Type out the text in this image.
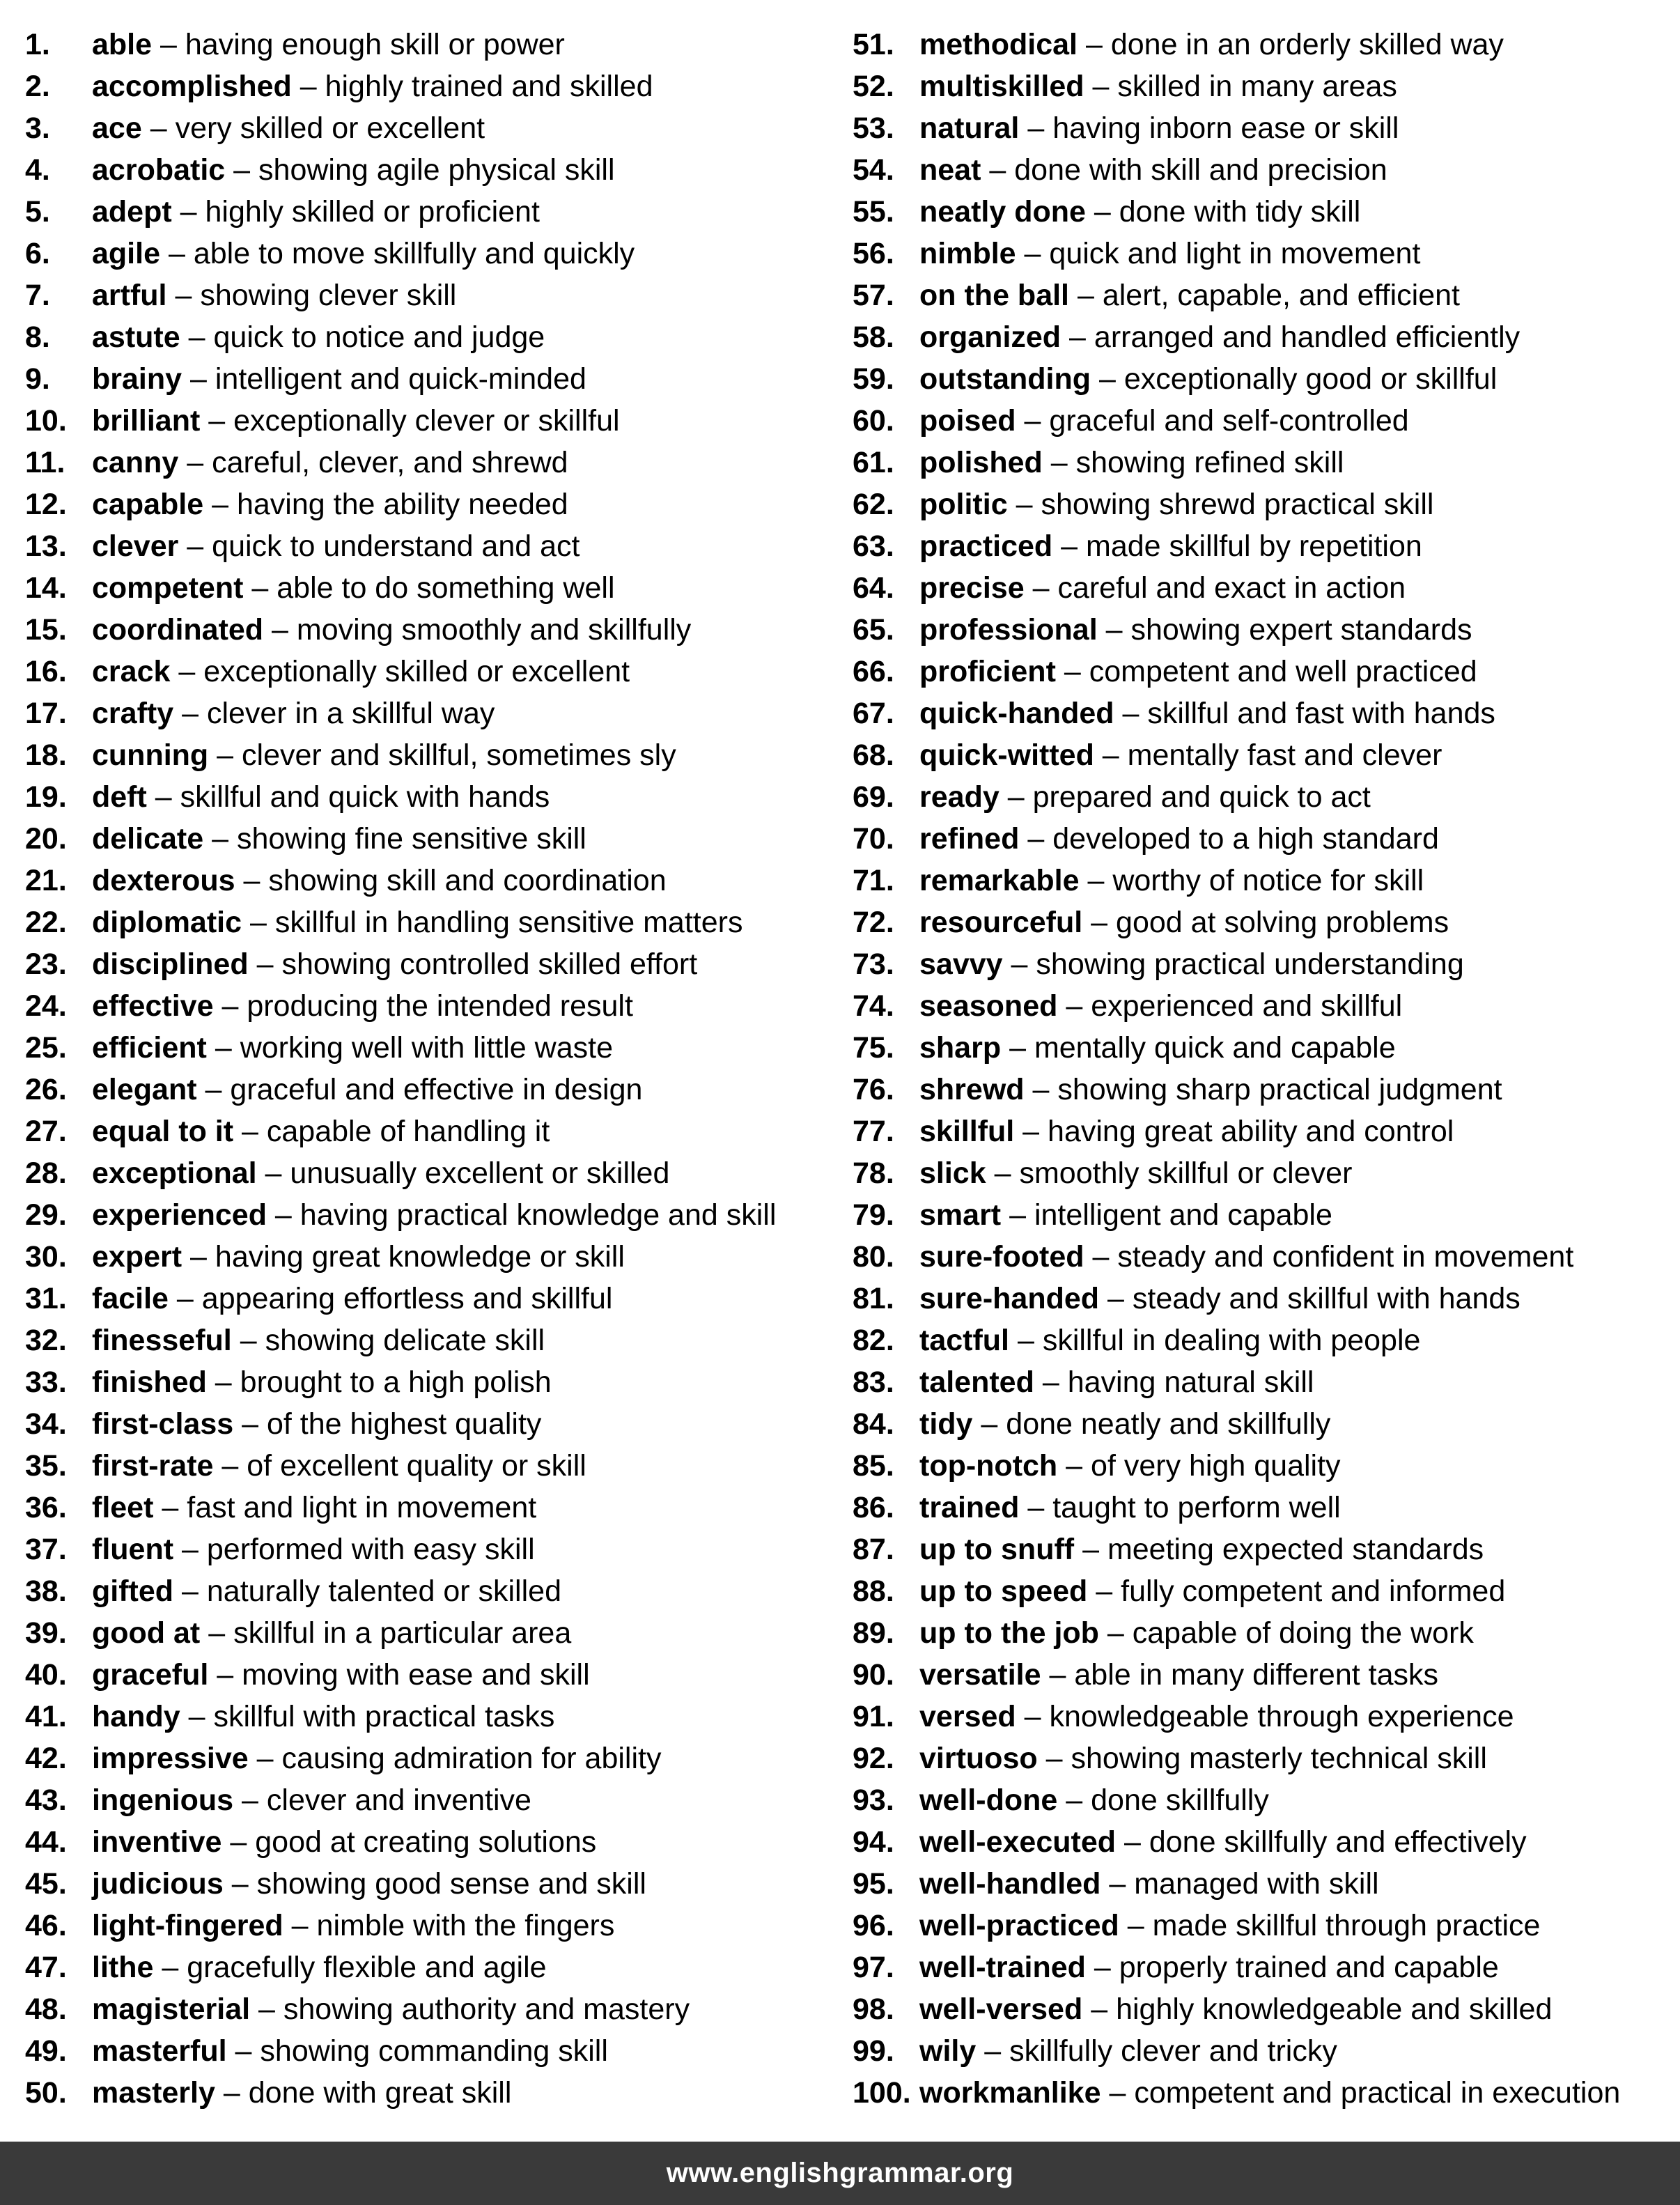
1. able – having enough skill or power
2. accomplished – highly trained and skilled
3. ace – very skilled or excellent
4. acrobatic – showing agile physical skill
5. adept – highly skilled or proficient
6. agile – able to move skillfully and quickly
7. artful – showing clever skill
8. astute – quick to notice and judge
9. brainy – intelligent and quick-minded
10. brilliant – exceptionally clever or skillful
11. canny – careful, clever, and shrewd
12. capable – having the ability needed
13. clever – quick to understand and act
14. competent – able to do something well
15. coordinated – moving smoothly and skillfully
16. crack – exceptionally skilled or excellent
17. crafty – clever in a skillful way
18. cunning – clever and skillful, sometimes sly
19. deft – skillful and quick with hands
20. delicate – showing fine sensitive skill
21. dexterous – showing skill and coordination
22. diplomatic – skillful in handling sensitive matters
23. disciplined – showing controlled skilled effort
24. effective – producing the intended result
25. efficient – working well with little waste
26. elegant – graceful and effective in design
27. equal to it – capable of handling it
28. exceptional – unusually excellent or skilled
29. experienced – having practical knowledge and skill
30. expert – having great knowledge or skill
31. facile – appearing effortless and skillful
32. finesseful – showing delicate skill
33. finished – brought to a high polish
34. first-class – of the highest quality
35. first-rate – of excellent quality or skill
36. fleet – fast and light in movement
37. fluent – performed with easy skill
38. gifted – naturally talented or skilled
39. good at – skillful in a particular area
40. graceful – moving with ease and skill
41. handy – skillful with practical tasks
42. impressive – causing admiration for ability
43. ingenious – clever and inventive
44. inventive – good at creating solutions
45. judicious – showing good sense and skill
46. light-fingered – nimble with the fingers
47. lithe – gracefully flexible and agile
48. magisterial – showing authority and mastery
49. masterful – showing commanding skill
50. masterly – done with great skill
51. methodical – done in an orderly skilled way
52. multiskilled – skilled in many areas
53. natural – having inborn ease or skill
54. neat – done with skill and precision
55. neatly done – done with tidy skill
56. nimble – quick and light in movement
57. on the ball – alert, capable, and efficient
58. organized – arranged and handled efficiently
59. outstanding – exceptionally good or skillful
60. poised – graceful and self-controlled
61. polished – showing refined skill
62. politic – showing shrewd practical skill
63. practiced – made skillful by repetition
64. precise – careful and exact in action
65. professional – showing expert standards
66. proficient – competent and well practiced
67. quick-handed – skillful and fast with hands
68. quick-witted – mentally fast and clever
69. ready – prepared and quick to act
70. refined – developed to a high standard
71. remarkable – worthy of notice for skill
72. resourceful – good at solving problems
73. savvy – showing practical understanding
74. seasoned – experienced and skillful
75. sharp – mentally quick and capable
76. shrewd – showing sharp practical judgment
77. skillful – having great ability and control
78. slick – smoothly skillful or clever
79. smart – intelligent and capable
80. sure-footed – steady and confident in movement
81. sure-handed – steady and skillful with hands
82. tactful – skillful in dealing with people
83. talented – having natural skill
84. tidy – done neatly and skillfully
85. top-notch – of very high quality
86. trained – taught to perform well
87. up to snuff – meeting expected standards
88. up to speed – fully competent and informed
89. up to the job – capable of doing the work
90. versatile – able in many different tasks
91. versed – knowledgeable through experience
92. virtuoso – showing masterly technical skill
93. well-done – done skillfully
94. well-executed – done skillfully and effectively
95. well-handled – managed with skill
96. well-practiced – made skillful through practice
97. well-trained – properly trained and capable
98. well-versed – highly knowledgeable and skilled
99. wily – skillfully clever and tricky
100. workmanlike – competent and practical in execution
www.englishgrammar.org
